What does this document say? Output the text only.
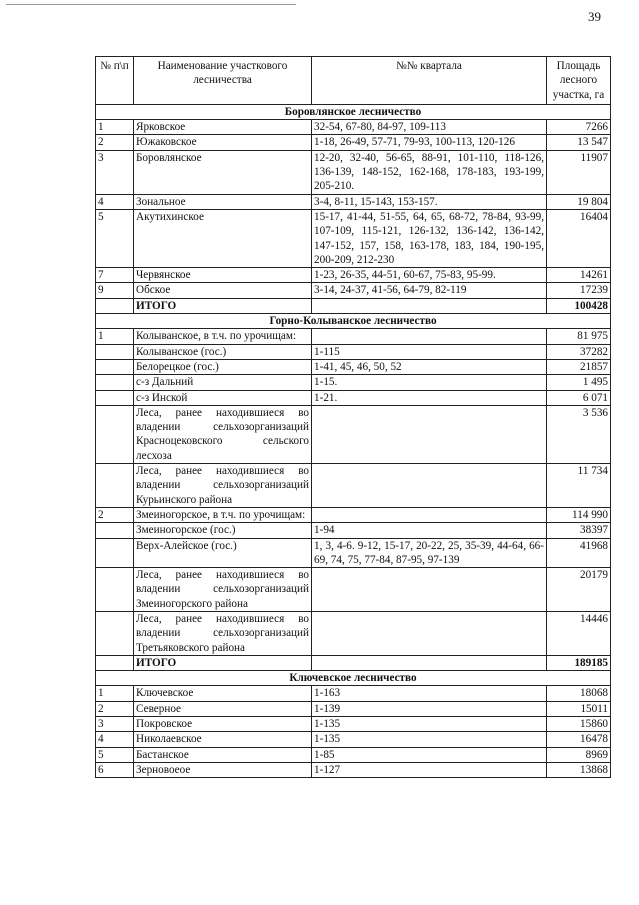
39
№ п\п	Наименование участкового лесничества	№№ квартала	Площадь лесного участка, га
Боровлянское лесничество			
1	Ярковское	32-54, 67-80, 84-97, 109-113	7266
2	Южаковское	1-18, 26-49, 57-71, 79-93, 100-113, 120-126	13 547
3	Боровлянское	12-20, 32-40, 56-65, 88-91, 101-110, 118-126, 136-139, 148-152, 162-168, 178-183, 193-199, 205-210.	11907
4	Зональное	3-4, 8-11, 15-143, 153-157.	19 804
5	Акутихинское	15-17, 41-44, 51-55, 64, 65, 68-72, 78-84, 93-99, 107-109, 115-121, 126-132, 136-142, 136-142, 147-152, 157, 158, 163-178, 183, 184, 190-195, 200-209, 212-230	16404
7	Червянское	1-23, 26-35, 44-51, 60-67, 75-83, 95-99.	14261
9	Обское	3-14, 24-37, 41-56, 64-79, 82-119	17239
	ИТОГО		100428
Горно-Колыванское лесничество			
1	Колыванское, в т.ч. по урочищам:		81 975
	Колыванское (гос.)	1-115	37282
	Белорецкое (гос.)	1-41, 45, 46, 50, 52	21857
	с-з Дальний	1-15.	1 495
	с-з Инской	1-21.	6 071
	Леса, ранее находившиеся во владении сельхозорганизаций Красноцековского сельского лесхоза		3 536
	Леса, ранее находившиеся во владении сельхозорганизаций Курьинского района		11 734
2	Змеиногорское, в т.ч. по урочищам:		114 990
	Змеиногорское (гос.)	1-94	38397
	Верх-Алейское (гос.)	1, 3, 4-6. 9-12, 15-17, 20-22, 25, 35-39, 44-64, 66-69, 74, 75, 77-84, 87-95, 97-139	41968
	Леса, ранее находившиеся во владении сельхозорганизаций Змеиногорского района		20179
	Леса, ранее находившиеся во владении сельхозорганизаций Третьяковского района		14446
	ИТОГО		189185
Ключевское лесничество			
1	Ключевское	1-163	18068
2	Северное	1-139	15011
3	Покровское	1-135	15860
4	Николаевское	1-135	16478
5	Бастанское	1-85	8969
6	Зерновоеое	1-127	13868
